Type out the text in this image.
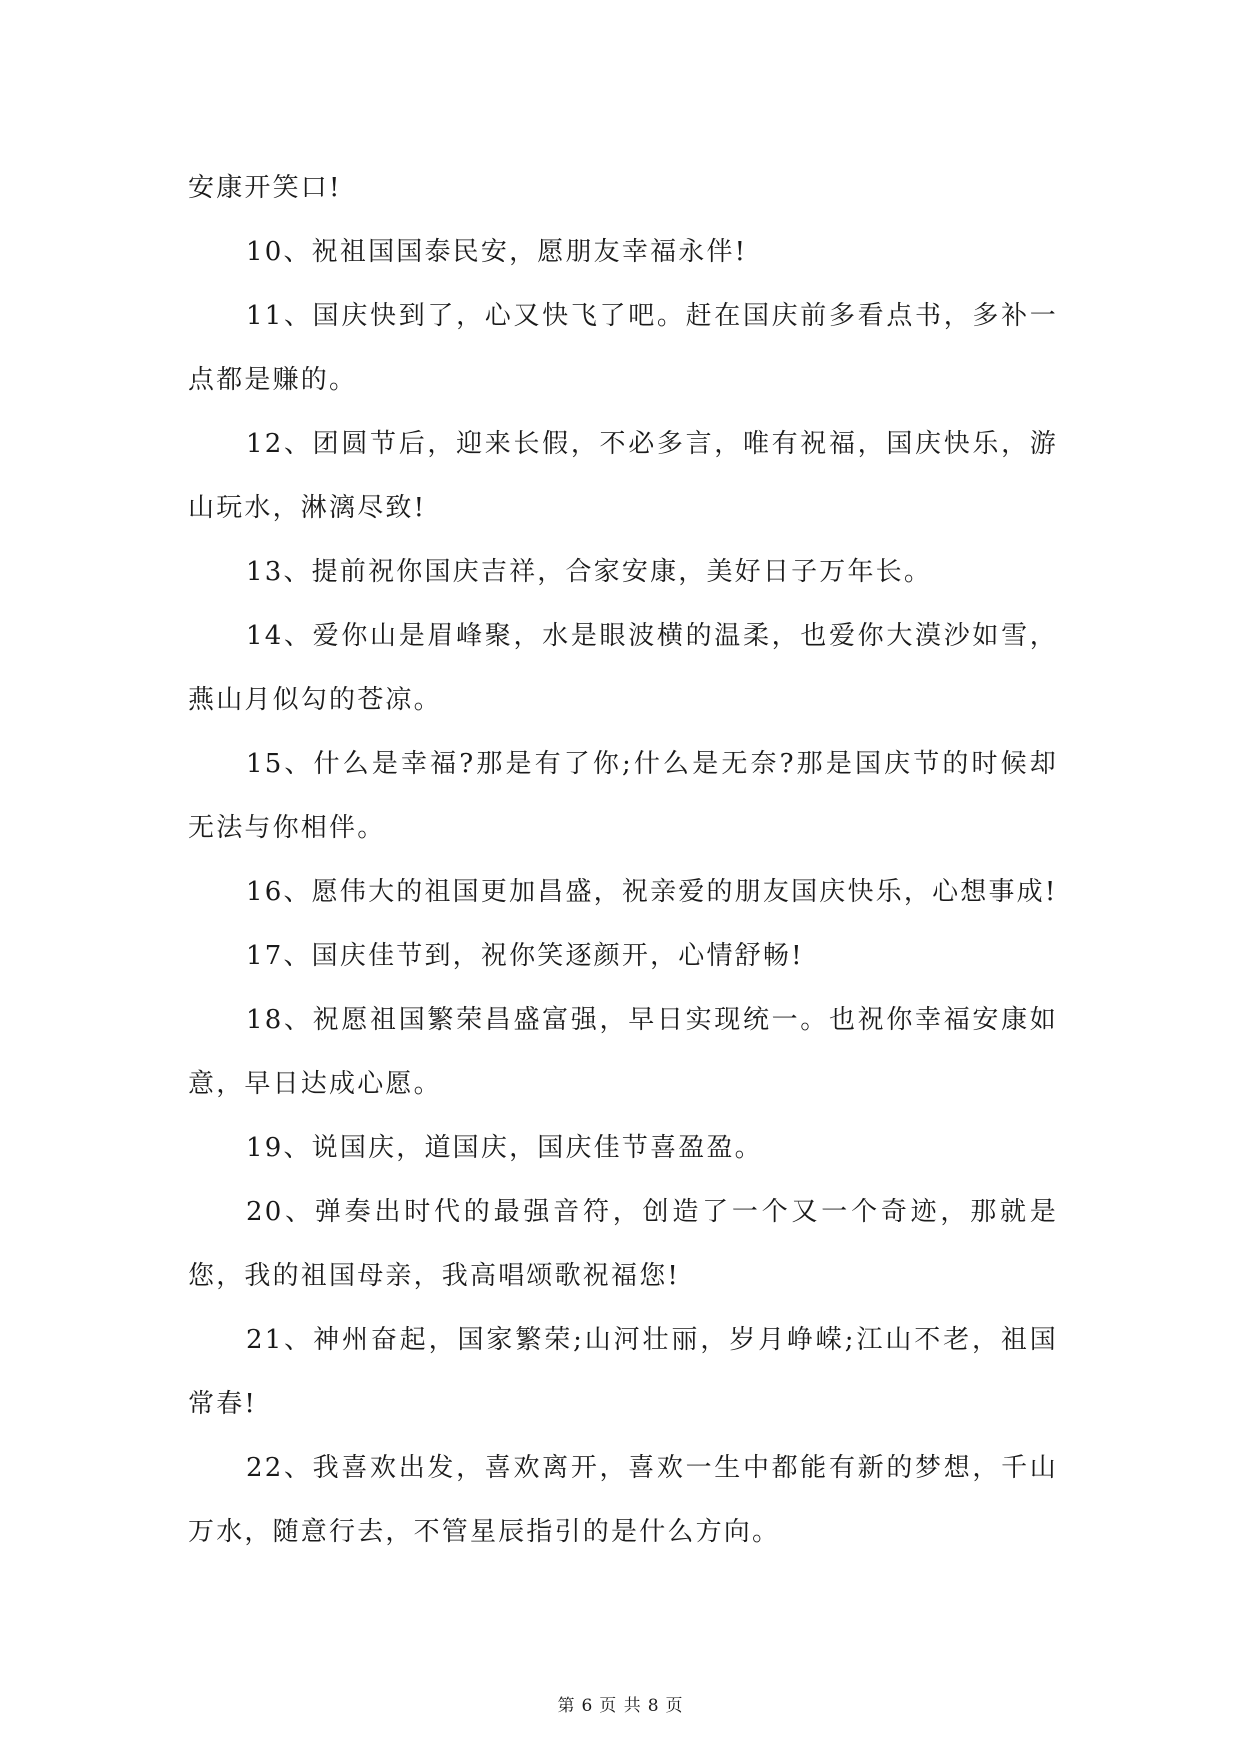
安康开笑口!

10、祝祖国国泰民安，愿朋友幸福永伴!

11、国庆快到了，心又快飞了吧。赶在国庆前多看点书，多补一点都是赚的。

12、团圆节后，迎来长假，不必多言，唯有祝福，国庆快乐，游山玩水，淋漓尽致!

13、提前祝你国庆吉祥，合家安康，美好日子万年长。

14、爱你山是眉峰聚，水是眼波横的温柔，也爱你大漠沙如雪，燕山月似勾的苍凉。

15、什么是幸福?那是有了你;什么是无奈?那是国庆节的时候却无法与你相伴。

16、愿伟大的祖国更加昌盛，祝亲爱的朋友国庆快乐，心想事成!

17、国庆佳节到，祝你笑逐颜开，心情舒畅!

18、祝愿祖国繁荣昌盛富强，早日实现统一。也祝你幸福安康如意，早日达成心愿。

19、说国庆，道国庆，国庆佳节喜盈盈。

20、弹奏出时代的最强音符，创造了一个又一个奇迹，那就是您，我的祖国母亲，我高唱颂歌祝福您!

21、神州奋起，国家繁荣;山河壮丽，岁月峥嵘;江山不老，祖国常春!

22、我喜欢出发，喜欢离开，喜欢一生中都能有新的梦想，千山万水，随意行去，不管星辰指引的是什么方向。

第 6 页 共 8 页
